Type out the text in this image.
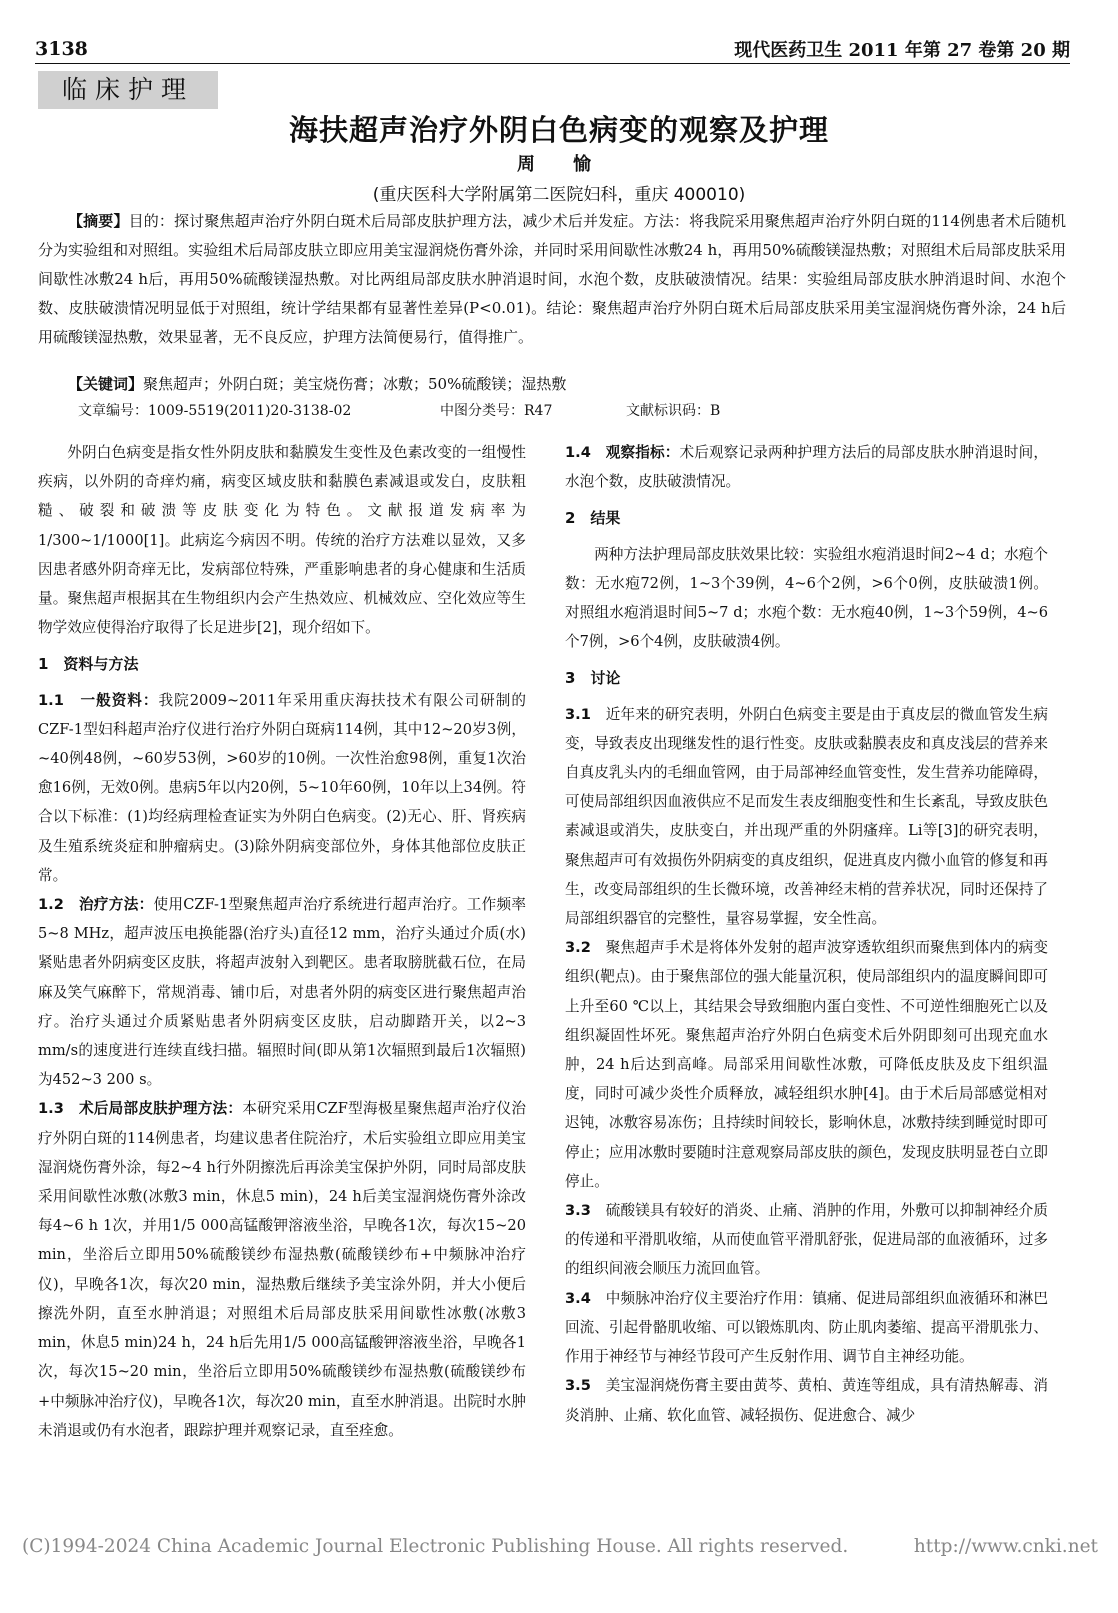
3138	现代医药卫生 2011 年第 27 卷第 20 期
临床护理
海扶超声治疗外阴白色病变的观察及护理
周　愉
(重庆医科大学附属第二医院妇科，重庆 400010)
【摘要】目的：探讨聚焦超声治疗外阴白斑术后局部皮肤护理方法，减少术后并发症。方法：将我院采用聚焦超声治疗外阴白斑的114例患者术后随机分为实验组和对照组。实验组术后局部皮肤立即应用美宝湿润烧伤膏外涂，并同时采用间歇性冰敷24 h，再用50%硫酸镁湿热敷；对照组术后局部皮肤采用间歇性冰敷24 h后，再用50%硫酸镁湿热敷。对比两组局部皮肤水肿消退时间，水泡个数，皮肤破溃情况。结果：实验组局部皮肤水肿消退时间、水泡个数、皮肤破溃情况明显低于对照组，统计学结果都有显著性差异(P<0.01)。结论：聚焦超声治疗外阴白斑术后局部皮肤采用美宝湿润烧伤膏外涂，24 h后用硫酸镁湿热敷，效果显著，无不良反应，护理方法简便易行，值得推广。
【关键词】聚焦超声；外阴白斑；美宝烧伤膏；冰敷；50%硫酸镁；湿热敷
文章编号：1009-5519(2011)20-3138-02	中图分类号：R47	文献标识码：B

外阴白色病变是指女性外阴皮肤和黏膜发生变性及色素改变的一组慢性疾病，以外阴的奇痒灼痛，病变区域皮肤和黏膜色素减退或发白，皮肤粗糙、破裂和破溃等皮肤变化为特色。文献报道发病率为1/300~1/1000[1]。此病迄今病因不明。传统的治疗方法难以显效，又多因患者感外阴奇痒无比，发病部位特殊，严重影响患者的身心健康和生活质量。聚焦超声根据其在生物组织内会产生热效应、机械效应、空化效应等生物学效应使得治疗取得了长足进步[2]，现介绍如下。

1　资料与方法

1.1　一般资料：我院2009~2011年采用重庆海扶技术有限公司研制的CZF-1型妇科超声治疗仪进行治疗外阴白斑病114例，其中12~20岁3例，~40例48例，~60岁53例，>60岁的10例。一次性治愈98例，重复1次治愈16例，无效0例。患病5年以内20例，5~10年60例，10年以上34例。符合以下标准：(1)均经病理检查证实为外阴白色病变。(2)无心、肝、肾疾病及生殖系统炎症和肿瘤病史。(3)除外阴病变部位外，身体其他部位皮肤正常。

1.2　治疗方法：使用CZF-1型聚焦超声治疗系统进行超声治疗。工作频率5~8 MHz，超声波压电换能器(治疗头)直径12 mm，治疗头通过介质(水)紧贴患者外阴病变区皮肤，将超声波射入到靶区。患者取膀胱截石位，在局麻及笑气麻醉下，常规消毒、铺巾后，对患者外阴的病变区进行聚焦超声治疗。治疗头通过介质紧贴患者外阴病变区皮肤，启动脚踏开关，以2~3 mm/s的速度进行连续直线扫描。辐照时间(即从第1次辐照到最后1次辐照)为452~3 200 s。

1.3　术后局部皮肤护理方法：本研究采用CZF型海极星聚焦超声治疗仪治疗外阴白斑的114例患者，均建议患者住院治疗，术后实验组立即应用美宝湿润烧伤膏外涂，每2~4 h行外阴擦洗后再涂美宝保护外阴，同时局部皮肤采用间歇性冰敷(冰敷3 min，休息5 min)，24 h后美宝湿润烧伤膏外涂改每4~6 h 1次，并用1/5 000高锰酸钾溶液坐浴，早晚各1次，每次15~20 min，坐浴后立即用50%硫酸镁纱布湿热敷(硫酸镁纱布+中频脉冲治疗仪)，早晚各1次，每次20 min，湿热敷后继续予美宝涂外阴，并大小便后擦洗外阴，直至水肿消退；对照组术后局部皮肤采用间歇性冰敷(冰敷3 min，休息5 min)24 h，24 h后先用1/5 000高锰酸钾溶液坐浴，早晚各1次，每次15~20 min，坐浴后立即用50%硫酸镁纱布湿热敷(硫酸镁纱布+中频脉冲治疗仪)，早晚各1次，每次20 min，直至水肿消退。出院时水肿未消退或仍有水泡者，跟踪护理并观察记录，直至痊愈。

1.4　观察指标：术后观察记录两种护理方法后的局部皮肤水肿消退时间，水泡个数，皮肤破溃情况。

2　结果

两种方法护理局部皮肤效果比较：实验组水疱消退时间2~4 d；水疱个数：无水疱72例，1~3个39例，4~6个2例，>6个0例，皮肤破溃1例。对照组水疱消退时间5~7 d；水疱个数：无水疱40例，1~3个59例，4~6个7例，>6个4例，皮肤破溃4例。

3　讨论

3.1　近年来的研究表明，外阴白色病变主要是由于真皮层的微血管发生病变，导致表皮出现继发性的退行性变。皮肤或黏膜表皮和真皮浅层的营养来自真皮乳头内的毛细血管网，由于局部神经血管变性，发生营养功能障碍，可使局部组织因血液供应不足而发生表皮细胞变性和生长紊乱，导致皮肤色素减退或消失，皮肤变白，并出现严重的外阴瘙痒。Li等[3]的研究表明，聚焦超声可有效损伤外阴病变的真皮组织，促进真皮内微小血管的修复和再生，改变局部组织的生长微环境，改善神经末梢的营养状况，同时还保持了局部组织器官的完整性，量容易掌握，安全性高。

3.2　聚焦超声手术是将体外发射的超声波穿透软组织而聚焦到体内的病变组织(靶点)。由于聚焦部位的强大能量沉积，使局部组织内的温度瞬间即可上升至60 ℃以上，其结果会导致细胞内蛋白变性、不可逆性细胞死亡以及组织凝固性坏死。聚焦超声治疗外阴白色病变术后外阴即刻可出现充血水肿，24 h后达到高峰。局部采用间歇性冰敷，可降低皮肤及皮下组织温度，同时可减少炎性介质释放，减轻组织水肿[4]。由于术后局部感觉相对迟钝，冰敷容易冻伤；且持续时间较长，影响休息，冰敷持续到睡觉时即可停止；应用冰敷时要随时注意观察局部皮肤的颜色，发现皮肤明显苍白立即停止。

3.3　硫酸镁具有较好的消炎、止痛、消肿的作用，外敷可以抑制神经介质的传递和平滑肌收缩，从而使血管平滑肌舒张，促进局部的血液循环，过多的组织间液会顺压力流回血管。

3.4　中频脉冲治疗仪主要治疗作用：镇痛、促进局部组织血液循环和淋巴回流、引起骨骼肌收缩、可以锻炼肌肉、防止肌肉萎缩、提高平滑肌张力、作用于神经节与神经节段可产生反射作用、调节自主神经功能。

3.5　美宝湿润烧伤膏主要由黄芩、黄柏、黄连等组成，具有清热解毒、消炎消肿、止痛、软化血管、减轻损伤、促进愈合、减少

(C)1994-2024 China Academic Journal Electronic Publishing House. All rights reserved.	http://www.cnki.net
